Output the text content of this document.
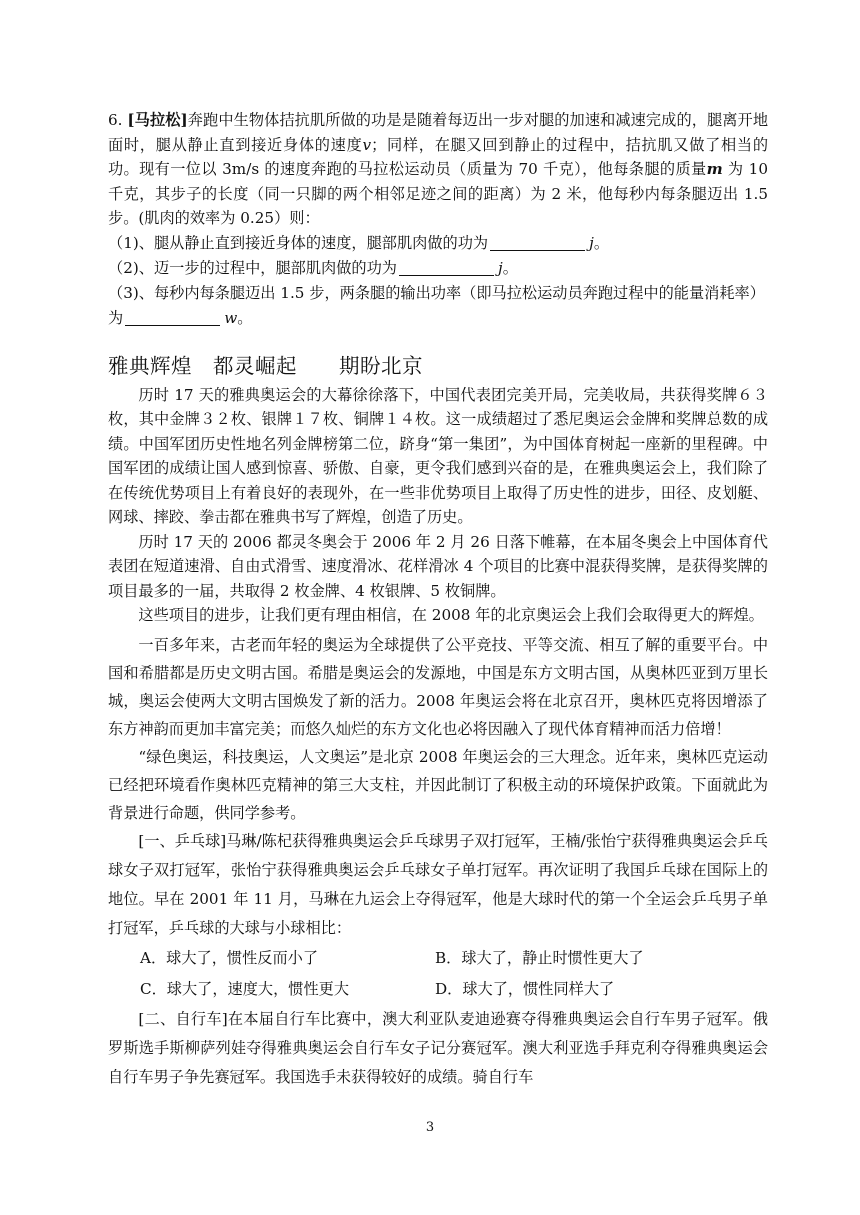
6. [马拉松]奔跑中生物体拮抗肌所做的功是是随着每迈出一步对腿的加速和减速完成的，腿离开地面时，腿从静止直到接近身体的速度v；同样，在腿又回到静止的过程中，拮抗肌又做了相当的功。现有一位以 3m/s 的速度奔跑的马拉松运动员（质量为 70 千克），他每条腿的质量m 为 10 千克，其步子的长度（同一只脚的两个相邻足迹之间的距离）为 2 米，他每秒内每条腿迈出 1.5 步。(肌肉的效率为 0.25）则：

（1)、腿从静止直到接近身体的速度，腿部肌肉做的功为	j。

（2)、迈一步的过程中，腿部肌肉做的功为	j。

（3)、每秒内每条腿迈出 1.5 步，两条腿的输出功率（即马拉松运动员奔跑过程中的能量消耗率）为	w。

雅典辉煌　都灵崛起　　期盼北京

历时 17 天的雅典奥运会的大幕徐徐落下，中国代表团完美开局，完美收局，共获得奖牌６３枚，其中金牌３２枚、银牌１７枚、铜牌１４枚。这一成绩超过了悉尼奥运会金牌和奖牌总数的成绩。中国军团历史性地名列金牌榜第二位，跻身“第一集团”，为中国体育树起一座新的里程碑。中国军团的成绩让国人感到惊喜、骄傲、自豪，更令我们感到兴奋的是，在雅典奥运会上，我们除了在传统优势项目上有着良好的表现外，在一些非优势项目上取得了历史性的进步，田径、皮划艇、网球、摔跤、拳击都在雅典书写了辉煌，创造了历史。

历时 17 天的 2006 都灵冬奥会于 2006 年 2 月 26 日落下帷幕，在本届冬奥会上中国体育代表团在短道速滑、自由式滑雪、速度滑冰、花样滑冰 4 个项目的比赛中混获得奖牌，是获得奖牌的项目最多的一届，共取得 2 枚金牌、4 枚银牌、5 枚铜牌。

这些项目的进步，让我们更有理由相信，在 2008 年的北京奥运会上我们会取得更大的辉煌。

一百多年来，古老而年轻的奥运为全球提供了公平竞技、平等交流、相互了解的重要平台。中国和希腊都是历史文明古国。希腊是奥运会的发源地，中国是东方文明古国，从奥林匹亚到万里长城，奥运会使两大文明古国焕发了新的活力。2008 年奥运会将在北京召开，奥林匹克将因增添了东方神韵而更加丰富完美；而悠久灿烂的东方文化也必将因融入了现代体育精神而活力倍增！

“绿色奥运，科技奥运，人文奥运”是北京 2008 年奥运会的三大理念。近年来，奥林匹克运动已经把环境看作奥林匹克精神的第三大支柱，并因此制订了积极主动的环境保护政策。下面就此为背景进行命题，供同学参考。

[一、乒乓球]马琳/陈杞获得雅典奥运会乒乓球男子双打冠军，王楠/张怡宁获得雅典奥运会乒乓球女子双打冠军，张怡宁获得雅典奥运会乒乓球女子单打冠军。再次证明了我国乒乓球在国际上的地位。早在 2001 年 11 月，马琳在九运会上夺得冠军，他是大球时代的第一个全运会乒乓男子单打冠军，乒乓球的大球与小球相比：

A．球大了，惯性反而小了	B．球大了，静止时惯性更大了
C．球大了，速度大，惯性更大	D．球大了，惯性同样大了

[二、自行车]在本届自行车比赛中，澳大利亚队麦迪逊赛夺得雅典奥运会自行车男子冠军。俄罗斯选手斯柳萨列娃夺得雅典奥运会自行车女子记分赛冠军。澳大利亚选手拜克利夺得雅典奥运会自行车男子争先赛冠军。我国选手未获得较好的成绩。骑自行车

3
